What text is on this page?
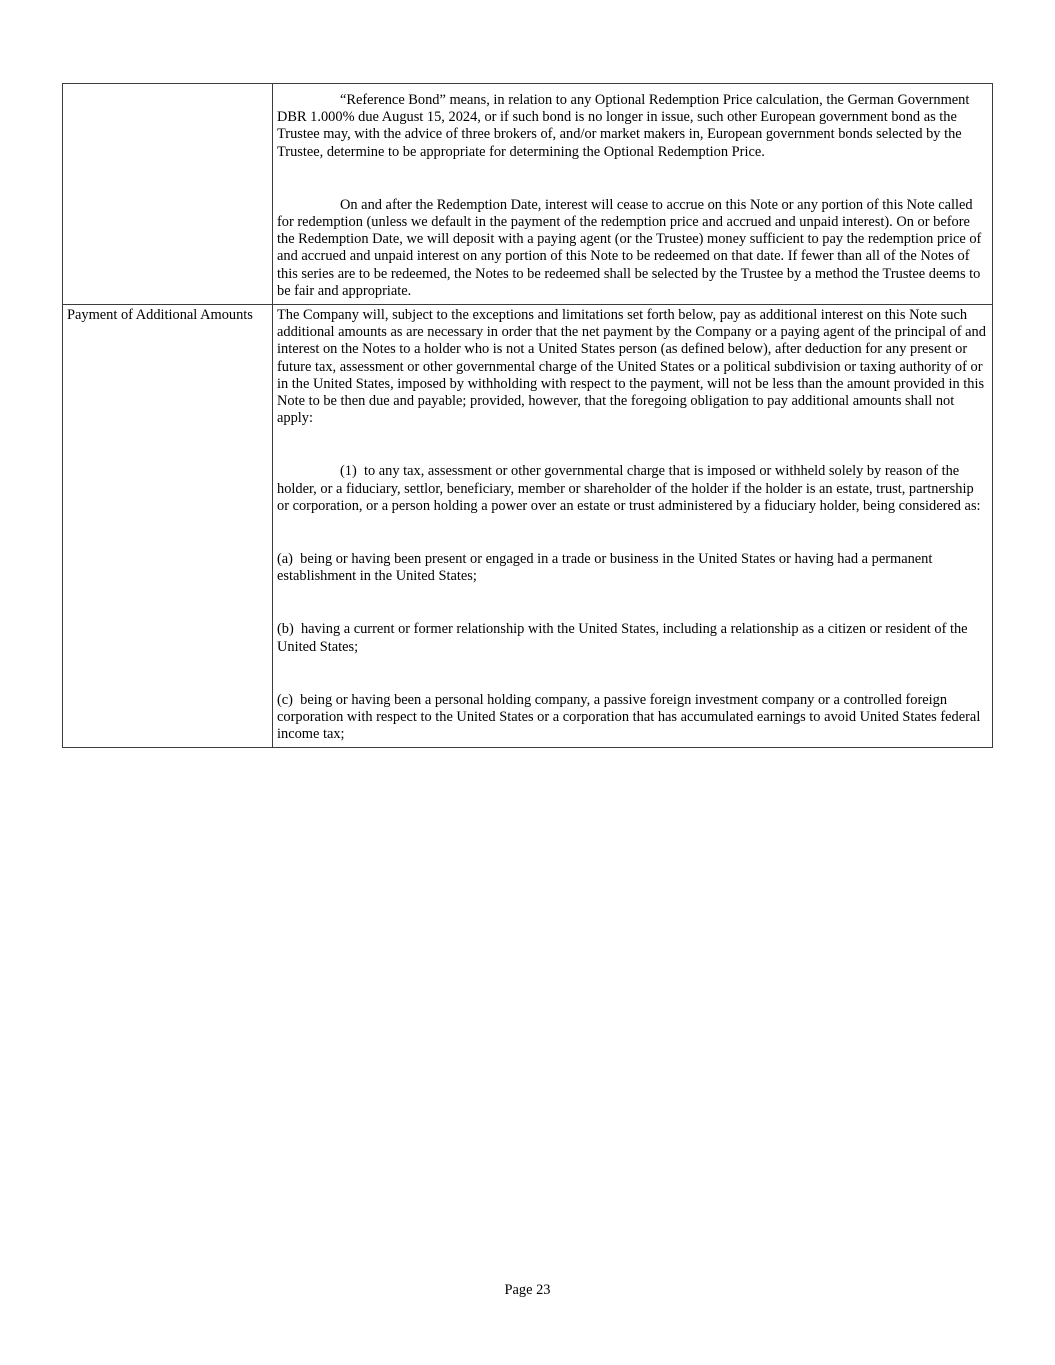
	“Reference Bond” means, in relation to any Optional Redemption Price calculation, the German Government DBR 1.000% due August 15, 2024, or if such bond is no longer in issue, such other European government bond as the Trustee may, with the advice of three brokers of, and/or market makers in, European government bonds selected by the Trustee, determine to be appropriate for determining the Optional Redemption Price.

On and after the Redemption Date, interest will cease to accrue on this Note or any portion of this Note called for redemption (unless we default in the payment of the redemption price and accrued and unpaid interest). On or before the Redemption Date, we will deposit with a paying agent (or the Trustee) money sufficient to pay the redemption price of and accrued and unpaid interest on any portion of this Note to be redeemed on that date. If fewer than all of the Notes of this series are to be redeemed, the Notes to be redeemed shall be selected by the Trustee by a method the Trustee deems to be fair and appropriate.

Payment of Additional Amounts	The Company will, subject to the exceptions and limitations set forth below, pay as additional interest on this Note such additional amounts as are necessary in order that the net payment by the Company or a paying agent of the principal of and interest on the Notes to a holder who is not a United States person (as defined below), after deduction for any present or future tax, assessment or other governmental charge of the United States or a political subdivision or taxing authority of or in the United States, imposed by withholding with respect to the payment, will not be less than the amount provided in this Note to be then due and payable; provided, however, that the foregoing obligation to pay additional amounts shall not apply:

(1)  to any tax, assessment or other governmental charge that is imposed or withheld solely by reason of the holder, or a fiduciary, settlor, beneficiary, member or shareholder of the holder if the holder is an estate, trust, partnership or corporation, or a person holding a power over an estate or trust administered by a fiduciary holder, being considered as:

(a)  being or having been present or engaged in a trade or business in the United States or having had a permanent establishment in the United States;

(b)  having a current or former relationship with the United States, including a relationship as a citizen or resident of the United States;

(c)  being or having been a personal holding company, a passive foreign investment company or a controlled foreign corporation with respect to the United States or a corporation that has accumulated earnings to avoid United States federal income tax;

Page 23
